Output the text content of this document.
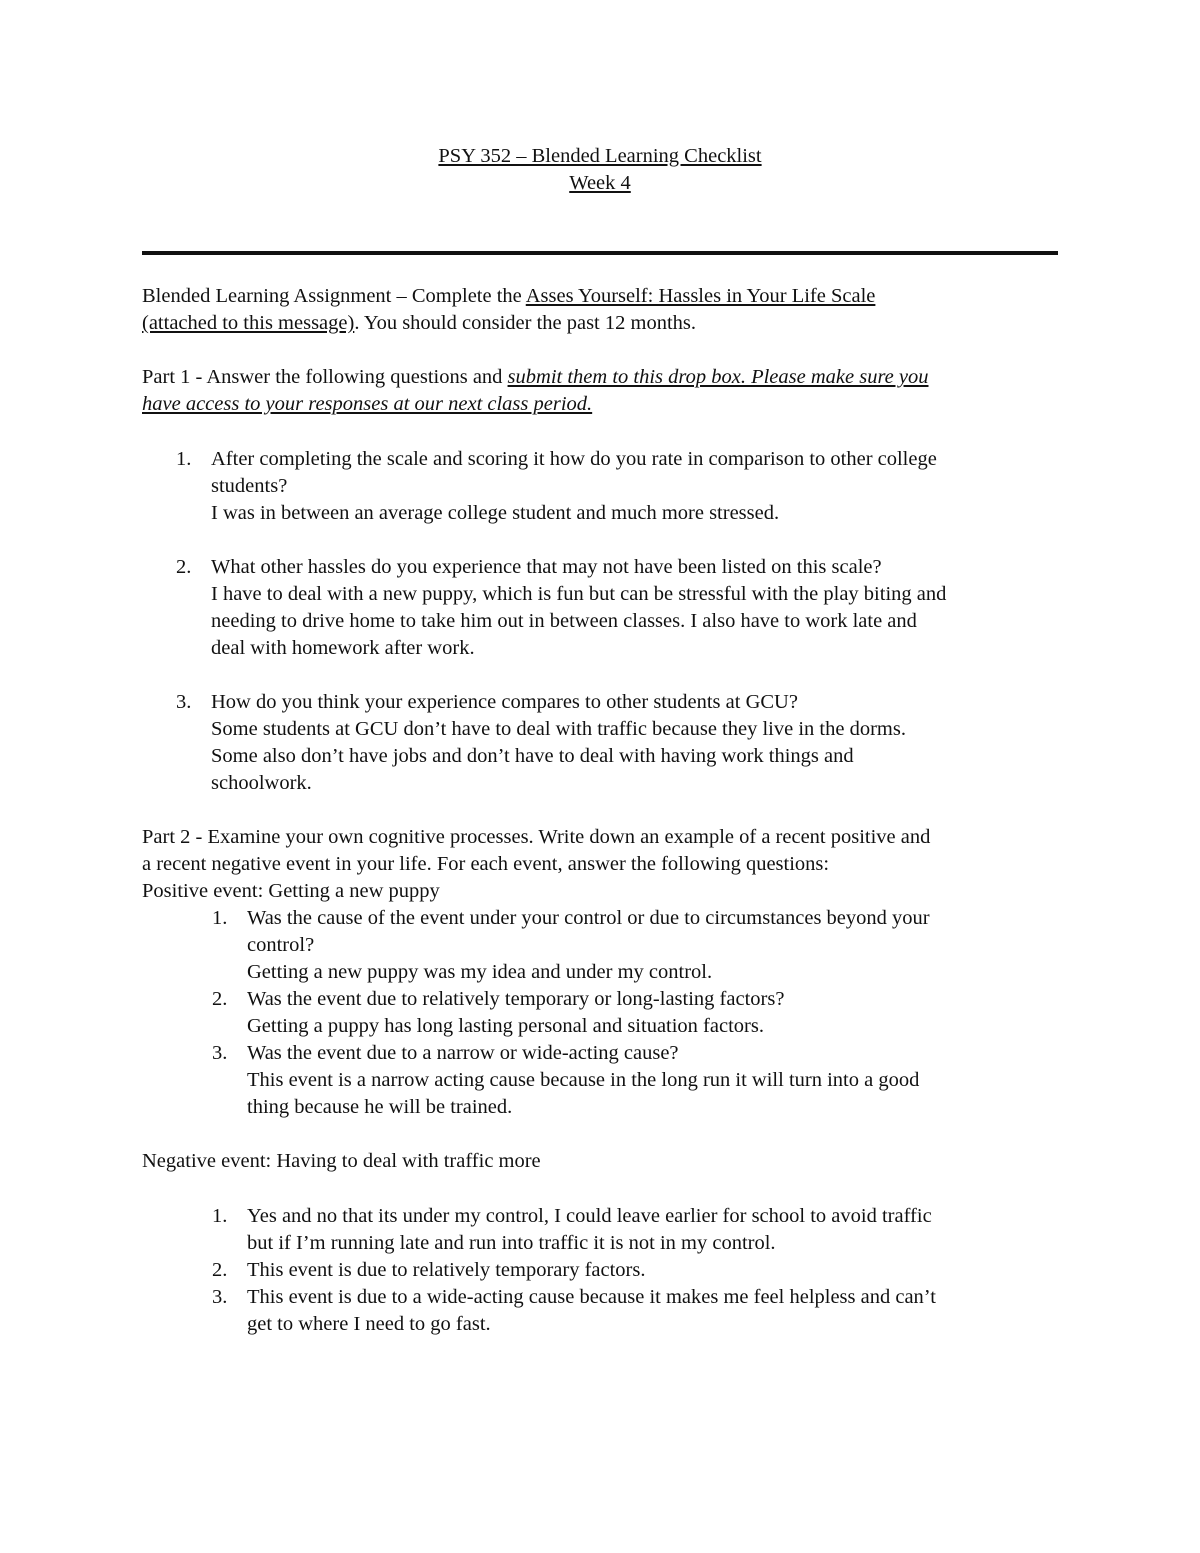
PSY 352 – Blended Learning Checklist
Week 4
Blended Learning Assignment – Complete the Asses Yourself: Hassles in Your Life Scale
(attached to this message). You should consider the past 12 months.
Part 1 - Answer the following questions and submit them to this drop box. Please make sure you
have access to your responses at our next class period.
1. After completing the scale and scoring it how do you rate in comparison to other college
students?
I was in between an average college student and much more stressed.
2. What other hassles do you experience that may not have been listed on this scale?
I have to deal with a new puppy, which is fun but can be stressful with the play biting and
needing to drive home to take him out in between classes. I also have to work late and
deal with homework after work.
3. How do you think your experience compares to other students at GCU?
Some students at GCU don’t have to deal with traffic because they live in the dorms.
Some also don’t have jobs and don’t have to deal with having work things and
schoolwork.
Part 2 - Examine your own cognitive processes. Write down an example of a recent positive and
a recent negative event in your life. For each event, answer the following questions:
Positive event: Getting a new puppy
1. Was the cause of the event under your control or due to circumstances beyond your
control?
Getting a new puppy was my idea and under my control.
2. Was the event due to relatively temporary or long-lasting factors?
Getting a puppy has long lasting personal and situation factors.
3. Was the event due to a narrow or wide-acting cause?
This event is a narrow acting cause because in the long run it will turn into a good
thing because he will be trained.
Negative event: Having to deal with traffic more
1. Yes and no that its under my control, I could leave earlier for school to avoid traffic
but if I’m running late and run into traffic it is not in my control.
2. This event is due to relatively temporary factors.
3. This event is due to a wide-acting cause because it makes me feel helpless and can’t
get to where I need to go fast.
